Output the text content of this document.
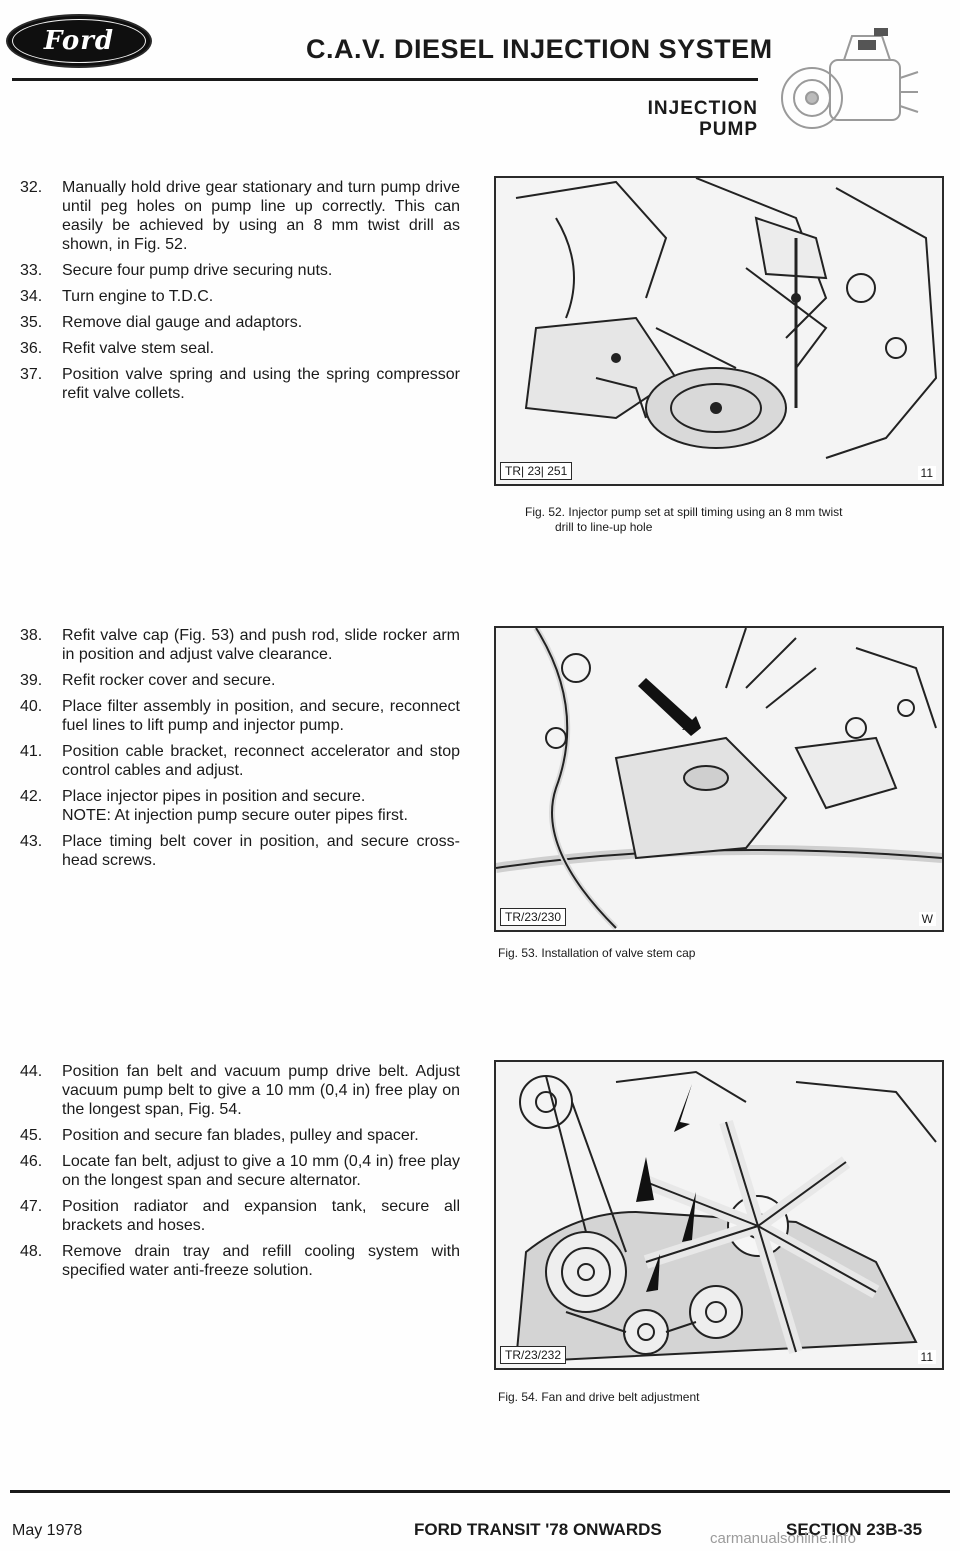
Ford	C.A.V. DIESEL INJECTION SYSTEM
INJECTION
PUMP
32.	Manually hold drive gear stationary and turn pump drive until peg holes on pump line up correctly. This can easily be achieved by using an 8 mm twist drill as shown, in Fig. 52.
33.	Secure four pump drive securing nuts.
34.	Turn engine to T.D.C.
35.	Remove dial gauge and adaptors.
36.	Refit valve stem seal.
37.	Position valve spring and using the spring compressor refit valve collets.
38.	Refit valve cap (Fig. 53) and push rod, slide rocker arm in position and adjust valve clearance.
39.	Refit rocker cover and secure.
40.	Place filter assembly in position, and secure, reconnect fuel lines to lift pump and injector pump.
41.	Position cable bracket, reconnect accelerator and stop control cables and adjust.
42.	Place injector pipes in position and secure.
NOTE: At injection pump secure outer pipes first.
43.	Place timing belt cover in position, and secure cross-head screws.
44.	Position fan belt and vacuum pump drive belt. Adjust vacuum pump belt to give a 10 mm (0,4 in) free play on the longest span, Fig. 54.
45.	Position and secure fan blades, pulley and spacer.
46.	Locate fan belt, adjust to give a 10 mm (0,4 in) free play on the longest span and secure alternator.
47.	Position radiator and expansion tank, secure all brackets and hoses.
48.	Remove drain tray and refill cooling system with specified water anti-freeze solution.
TR| 23| 251	11
Fig. 52. Injector pump set at spill timing using an 8 mm twist
drill to line-up hole
TR/23/230	W
Fig. 53. Installation of valve stem cap
TR/23/232	11
Fig. 54. Fan and drive belt adjustment
May 1978	FORD TRANSIT '78 ONWARDS	SECTION 23B-35
carmanualsonline.info
